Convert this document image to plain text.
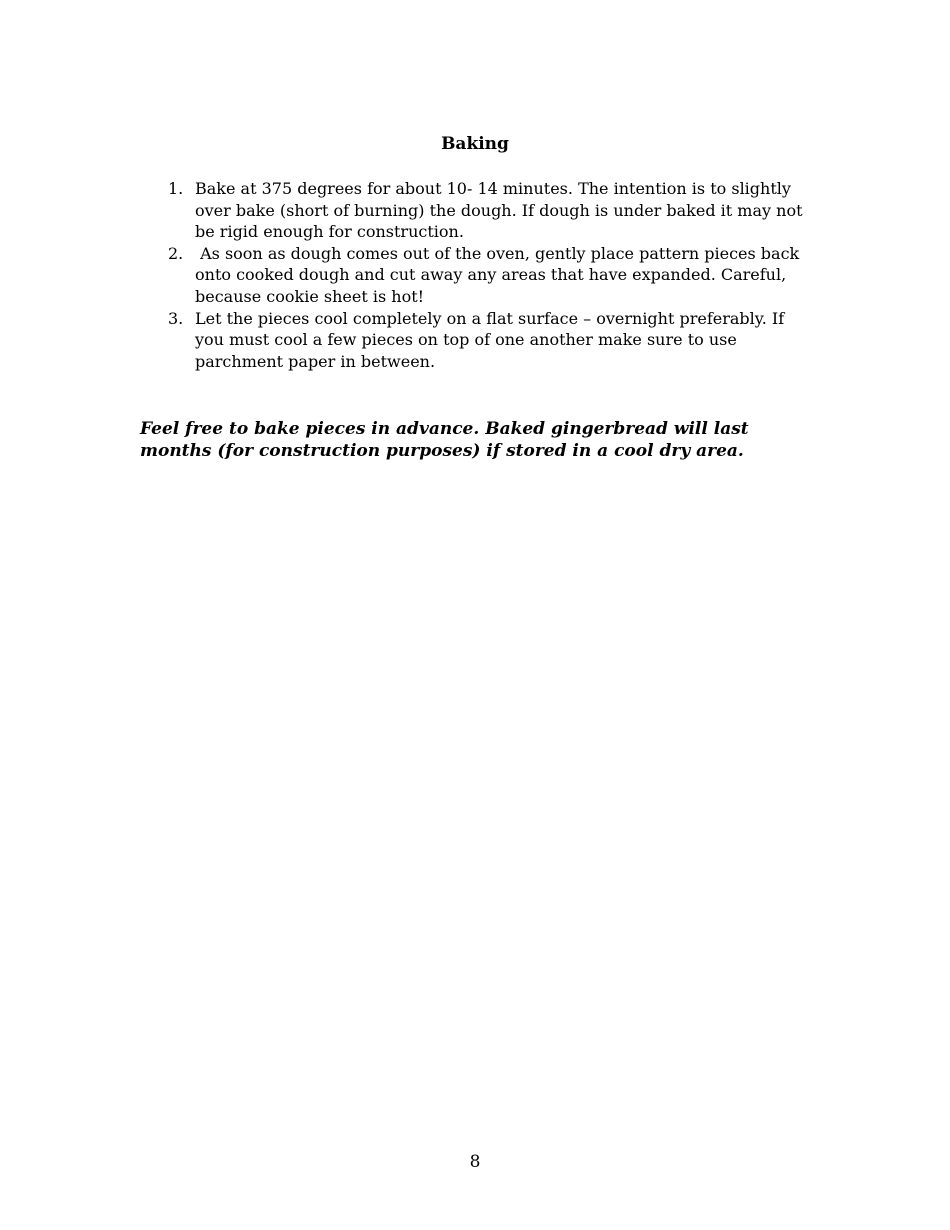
Baking
1. Bake at 375 degrees for about 10- 14 minutes. The intention is to slightly over bake (short of burning) the dough. If dough is under baked it may not be rigid enough for construction.
2. As soon as dough comes out of the oven, gently place pattern pieces back onto cooked dough and cut away any areas that have expanded. Careful, because cookie sheet is hot!
3. Let the pieces cool completely on a flat surface – overnight preferably. If you must cool a few pieces on top of one another make sure to use parchment paper in between.

Feel free to bake pieces in advance. Baked gingerbread will last months (for construction purposes) if stored in a cool dry area.

8
